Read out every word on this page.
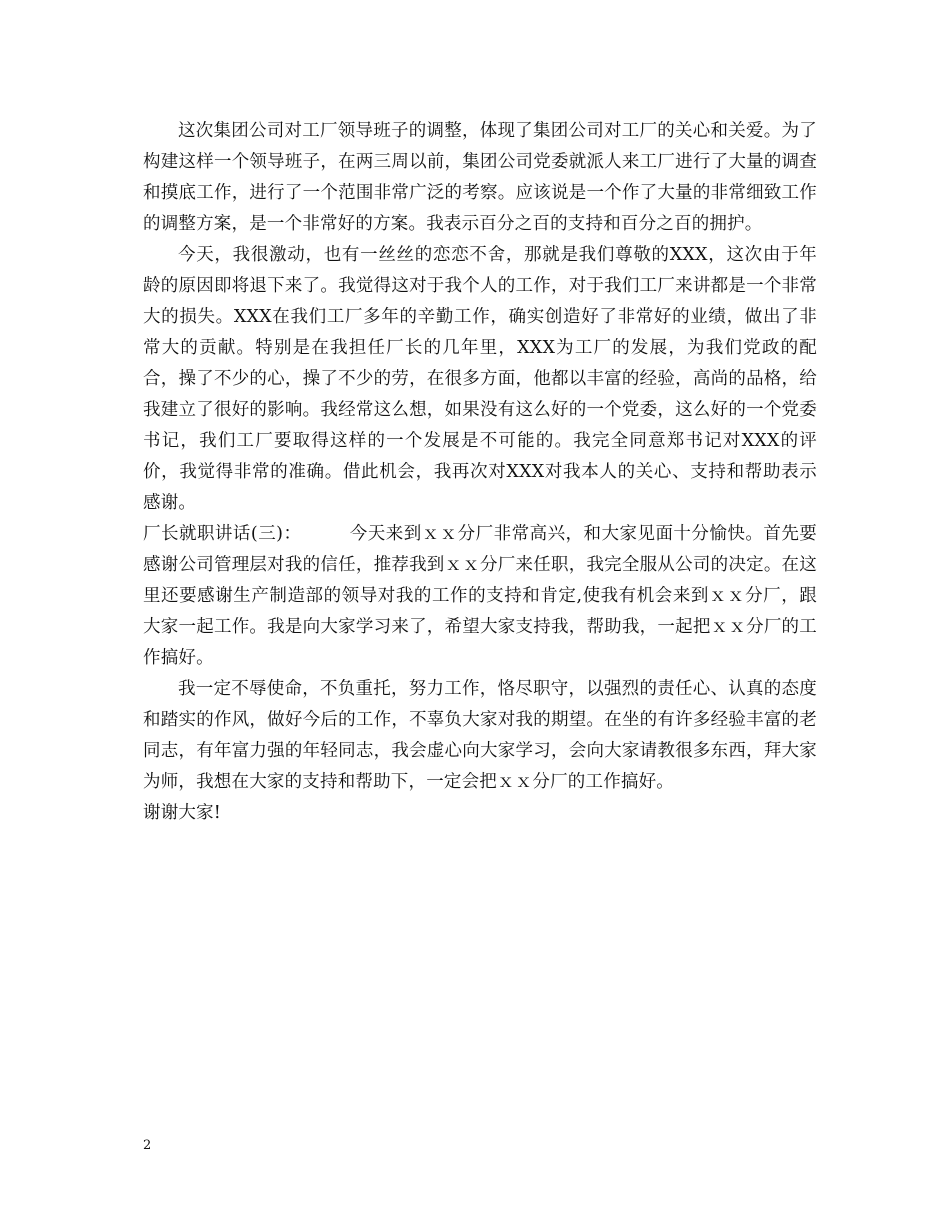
这次集团公司对工厂领导班子的调整，体现了集团公司对工厂的关心和关爱。为了构建这样一个领导班子，在两三周以前，集团公司党委就派人来工厂进行了大量的调查和摸底工作，进行了一个范围非常广泛的考察。应该说是一个作了大量的非常细致工作的调整方案，是一个非常好的方案。我表示百分之百的支持和百分之百的拥护。

今天，我很激动，也有一丝丝的恋恋不舍，那就是我们尊敬的XXX，这次由于年龄的原因即将退下来了。我觉得这对于我个人的工作，对于我们工厂来讲都是一个非常大的损失。XXX在我们工厂多年的辛勤工作，确实创造好了非常好的业绩，做出了非常大的贡献。特别是在我担任厂长的几年里，XXX为工厂的发展，为我们党政的配合，操了不少的心，操了不少的劳，在很多方面，他都以丰富的经验，高尚的品格，给我建立了很好的影响。我经常这么想，如果没有这么好的一个党委，这么好的一个党委书记，我们工厂要取得这样的一个发展是不可能的。我完全同意郑书记对XXX的评价，我觉得非常的准确。借此机会，我再次对XXX对我本人的关心、支持和帮助表示感谢。

厂长就职讲话(三)：	今天来到ｘｘ分厂非常高兴，和大家见面十分愉快。首先要感谢公司管理层对我的信任，推荐我到ｘｘ分厂来任职，我完全服从公司的决定。在这里还要感谢生产制造部的领导对我的工作的支持和肯定,使我有机会来到ｘｘ分厂，跟大家一起工作。我是向大家学习来了，希望大家支持我，帮助我，一起把ｘｘ分厂的工作搞好。

我一定不辱使命，不负重托，努力工作，恪尽职守，以强烈的责任心、认真的态度和踏实的作风，做好今后的工作，不辜负大家对我的期望。在坐的有许多经验丰富的老同志，有年富力强的年轻同志，我会虚心向大家学习，会向大家请教很多东西，拜大家为师，我想在大家的支持和帮助下，一定会把ｘｘ分厂的工作搞好。

谢谢大家!

2
